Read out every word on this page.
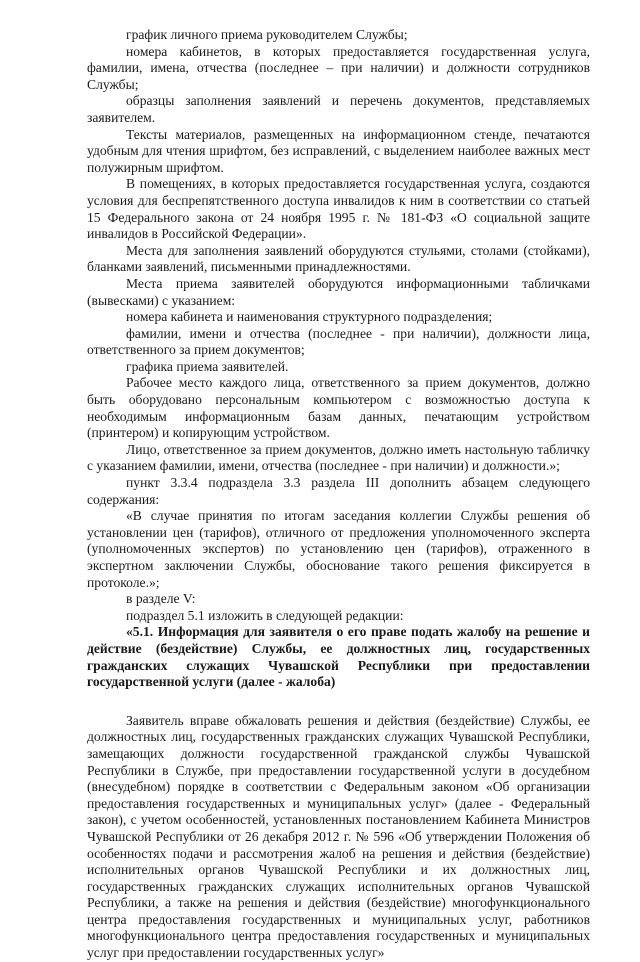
график личного приема руководителем Службы;

номера кабинетов, в которых предоставляется государственная услуга, фамилии, имена, отчества (последнее – при наличии) и должности сотрудников Службы;

образцы заполнения заявлений и перечень документов, представляемых заявителем.

Тексты материалов, размещенных на информационном стенде, печатаются удобным для чтения шрифтом, без исправлений, с выделением наиболее важных мест полужирным шрифтом.

В помещениях, в которых предоставляется государственная услуга, создаются условия для беспрепятственного доступа инвалидов к ним в соответствии со статьей 15 Федерального закона от 24 ноября 1995 г. № 181-ФЗ «О социальной защите инвалидов в Российской Федерации».

Места для заполнения заявлений оборудуются стульями, столами (стойками), бланками заявлений, письменными принадлежностями.

Места приема заявителей оборудуются информационными табличками (вывесками) с указанием:

номера кабинета и наименования структурного подразделения;

фамилии, имени и отчества (последнее - при наличии), должности лица, ответственного за прием документов;

графика приема заявителей.

Рабочее место каждого лица, ответственного за прием документов, должно быть оборудовано персональным компьютером с возможностью доступа к необходимым информационным базам данных, печатающим устройством (принтером) и копирующим устройством.

Лицо, ответственное за прием документов, должно иметь настольную табличку с указанием фамилии, имени, отчества (последнее - при наличии) и должности.»;

пункт 3.3.4 подраздела 3.3 раздела III дополнить абзацем следующего содержания:

«В случае принятия по итогам заседания коллегии Службы решения об установлении цен (тарифов), отличного от предложения уполномоченного эксперта (уполномоченных экспертов) по установлению цен (тарифов), отраженного в экспертном заключении Службы, обоснование такого решения фиксируется в протоколе.»;

в разделе V:

подраздел 5.1 изложить в следующей редакции:

«5.1. Информация для заявителя о его праве подать жалобу на решение и действие (бездействие) Службы, ее должностных лиц, государственных гражданских служащих Чувашской Республики при предоставлении государственной услуги (далее - жалоба)

Заявитель вправе обжаловать решения и действия (бездействие) Службы, ее должностных лиц, государственных гражданских служащих Чувашской Республики, замещающих должности государственной гражданской службы Чувашской Республики в Службе, при предоставлении государственной услуги в досудебном (внесудебном) порядке в соответствии с Федеральным законом «Об организации предоставления государственных и муниципальных услуг» (далее - Федеральный закон), с учетом особенностей, установленных постановлением Кабинета Министров Чувашской Республики от 26 декабря 2012 г. № 596 «Об утверждении Положения об особенностях подачи и рассмотрения жалоб на решения и действия (бездействие) исполнительных органов Чувашской Республики и их должностных лиц, государственных гражданских служащих исполнительных органов Чувашской Республики, а также на решения и действия (бездействие) многофункционального центра предоставления государственных и муниципальных услуг, работников многофункционального центра предоставления государственных и муниципальных услуг при предоставлении государственных услуг»
